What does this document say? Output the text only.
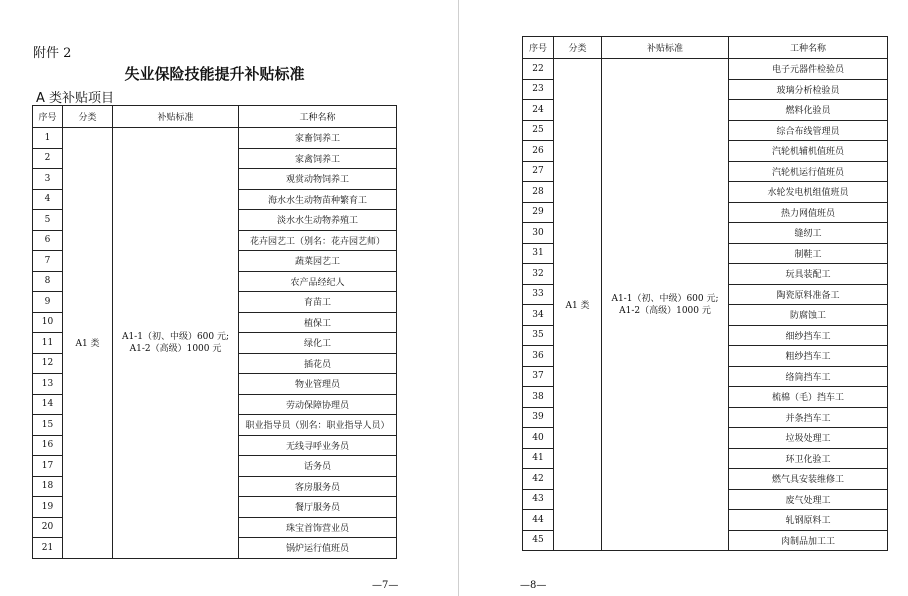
附件 2
失业保险技能提升补贴标准
A 类补贴项目
序号	分类	补贴标准	工种名称
1	A1 类	A1-1（初、中级）600 元;
A1-2（高级）1000 元	家畜饲养工
2			家禽饲养工
3			观赏动物饲养工
4			海水水生动物苗种繁育工
5			淡水水生动物养殖工
6			花卉园艺工（别名：花卉园艺师）
7			蔬菜园艺工
8			农产品经纪人
9			育苗工
10			植保工
11			绿化工
12			插花员
13			物业管理员
14			劳动保障协理员
15			职业指导员（别名：职业指导人员）
16			无线寻呼业务员
17			话务员
18			客房服务员
19			餐厅服务员
20			珠宝首饰营业员
21			锅炉运行值班员
—7—
序号	分类	补贴标准	工种名称
22	A1 类	A1-1（初、中级）600 元;
A1-2（高级）1000 元	电子元器件检验员
23			玻璃分析检验员
24			燃料化验员
25			综合布线管理员
26			汽轮机辅机值班员
27			汽轮机运行值班员
28			水轮发电机组值班员
29			热力网值班员
30			缝纫工
31			制鞋工
32			玩具装配工
33			陶瓷原料准备工
34			防腐蚀工
35			细纱挡车工
36			粗纱挡车工
37			络筒挡车工
38			梳棉（毛）挡车工
39			并条挡车工
40			垃圾处理工
41			环卫化验工
42			燃气具安装维修工
43			废气处理工
44			轧钢原料工
45			肉制品加工工
—8—
